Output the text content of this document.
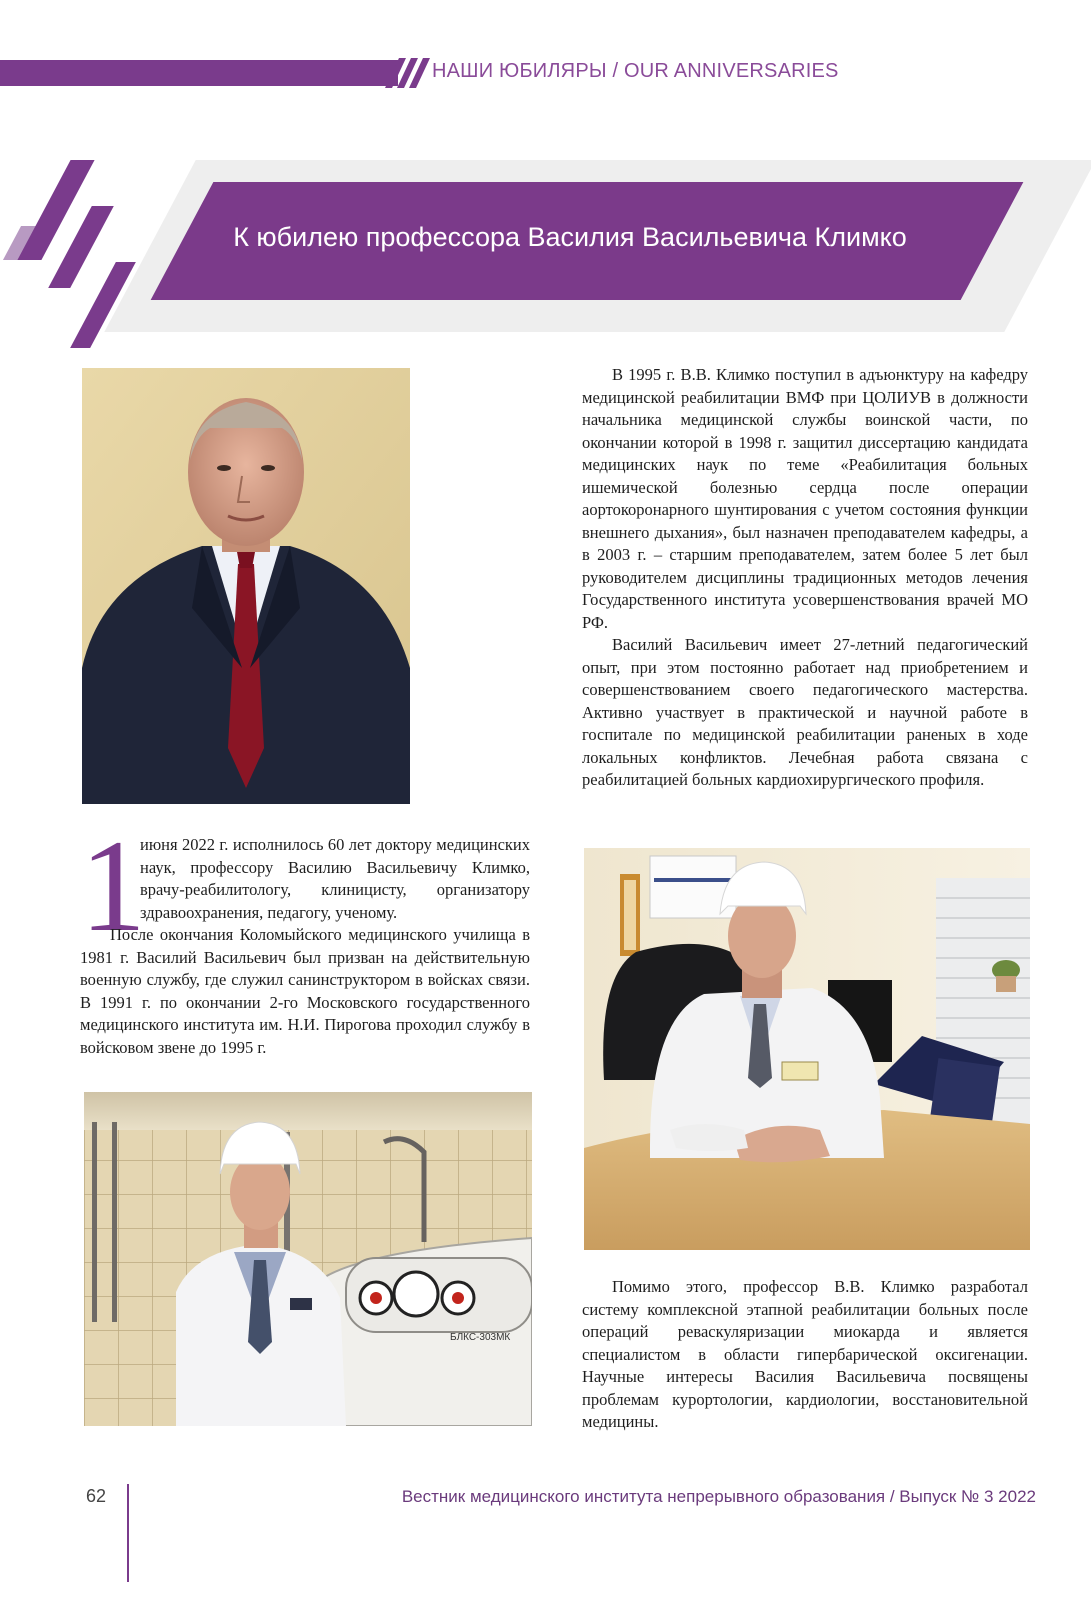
НАШИ ЮБИЛЯРЫ / OUR ANNIVERSARIES
К юбилею профессора Василия Васильевича Климко
1

июня 2022 г. исполнилось 60 лет доктору медицинских наук, профессору Василию Васильевичу Климко, врачу-реабилитологу, клиницисту, организатору здравоохранения, педагогу, ученому.

После окончания Коломыйского медицинского училища в 1981 г. Василий Васильевич был призван на действительную военную службу, где служил санинструктором в войсках связи. В 1991 г. по окончании 2-го Московского государственного медицинского института им. Н.И. Пирогова проходил службу в войсковом звене до 1995 г.

БЛКС-303МК

В 1995 г. В.В. Климко поступил в адъюнктуру на кафедру медицинской реабилитации ВМФ при ЦОЛИУВ в должности начальника медицинской службы воинской части, по окончании которой в 1998 г. защитил диссертацию кандидата медицинских наук по теме «Реабилитация больных ишемической болезнью сердца после операции аортокоронарного шунтирования с учетом состояния функции внешнего дыхания», был назначен преподавателем кафедры, а в 2003 г. – старшим преподавателем, затем более 5 лет был руководителем дисциплины традиционных методов лечения Государственного института усовершенствования врачей МО РФ.

Василий Васильевич имеет 27-летний педагогический опыт, при этом постоянно работает над приобретением и совершенствованием своего педагогического мастерства. Активно участвует в практической и научной работе в госпитале по медицинской реабилитации раненых в ходе локальных конфликтов. Лечебная работа связана с реабилитацией больных кардиохирургического профиля.

Помимо этого, профессор В.В. Климко разработал систему комплексной этапной реабилитации больных после операций реваскуляризации миокарда и является специалистом в области гипербарической оксигенации. Научные интересы Василия Васильевича посвящены проблемам курортологии, кардиологии, восстановительной медицины.

62	Вестник медицинского института непрерывного образования / Выпуск № 3 2022
